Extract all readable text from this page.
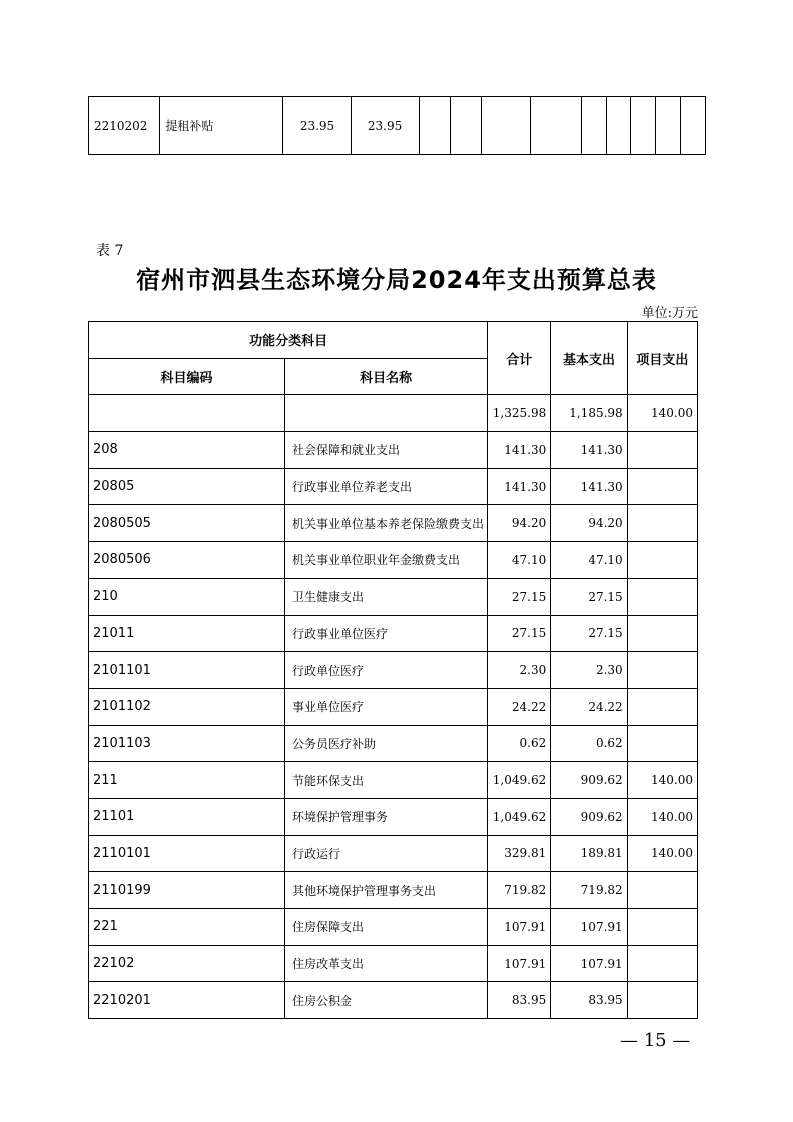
2210202	提租补贴	23.95	23.95									
表 7
宿州市泗县生态环境分局2024年支出预算总表
单位:万元
功能分类科目		合计	基本支出	项目支出
科目编码	科目名称			
		1,325.98	1,185.98	140.00
208	社会保障和就业支出	141.30	141.30	
20805	行政事业单位养老支出	141.30	141.30	
2080505	机关事业单位基本养老保险缴费支出	94.20	94.20	
2080506	机关事业单位职业年金缴费支出	47.10	47.10	
210	卫生健康支出	27.15	27.15	
21011	行政事业单位医疗	27.15	27.15	
2101101	行政单位医疗	2.30	2.30	
2101102	事业单位医疗	24.22	24.22	
2101103	公务员医疗补助	0.62	0.62	
211	节能环保支出	1,049.62	909.62	140.00
21101	环境保护管理事务	1,049.62	909.62	140.00
2110101	行政运行	329.81	189.81	140.00
2110199	其他环境保护管理事务支出	719.82	719.82	
221	住房保障支出	107.91	107.91	
22102	住房改革支出	107.91	107.91	
2210201	住房公积金	83.95	83.95	
— 15 —
